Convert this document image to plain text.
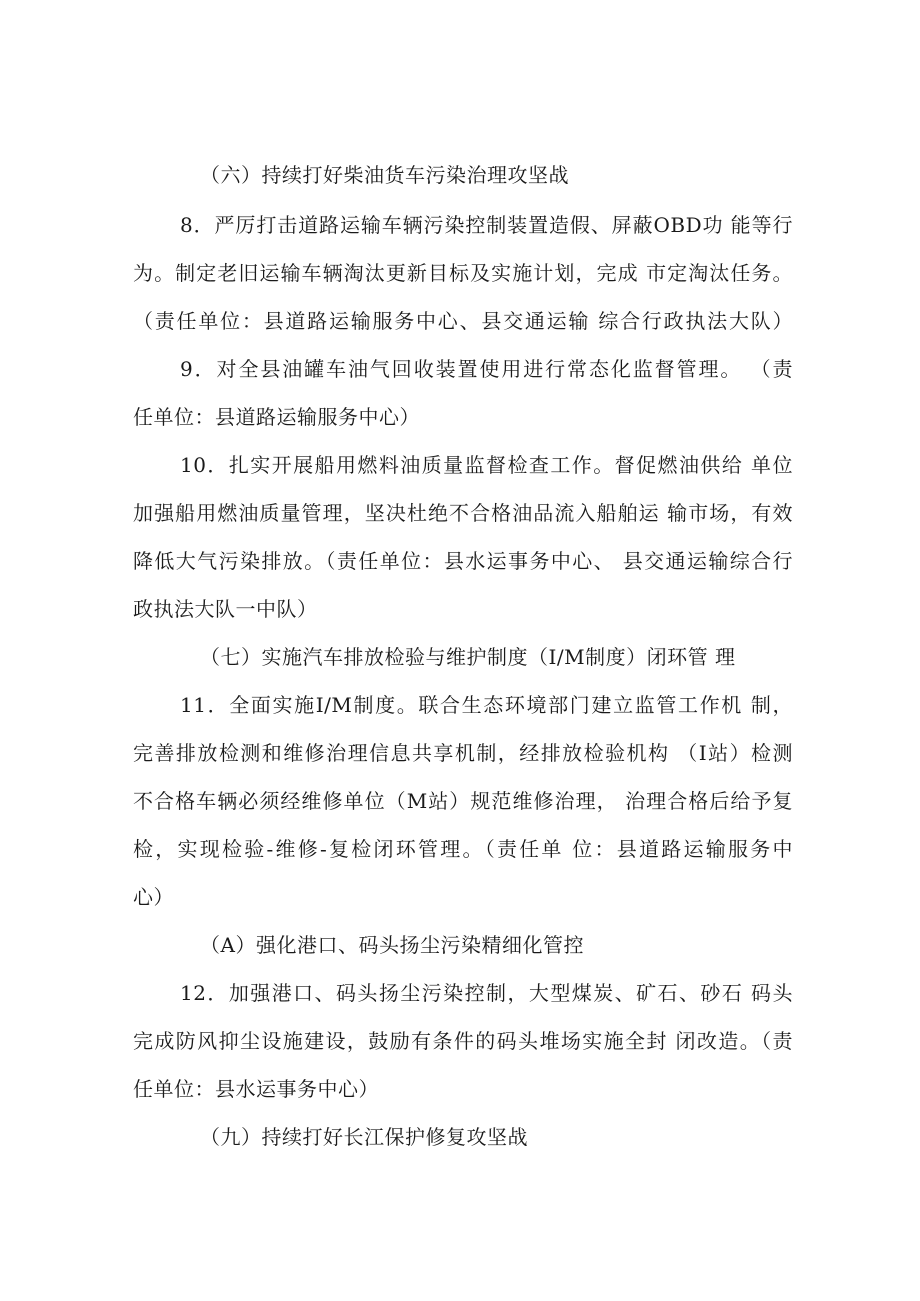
（六）持续打好柴油货车污染治理攻坚战
8．严厉打击道路运输车辆污染控制装置造假、屏蔽OBD功 能等行
为。制定老旧运输车辆淘汰更新目标及实施计划，完成 市定淘汰任务。
（责任单位：县道路运输服务中心、县交通运输 综合行政执法大队）
9．对全县油罐车油气回收装置使用进行常态化监督管理。 （责
任单位：县道路运输服务中心）
10．扎实开展船用燃料油质量监督检查工作。督促燃油供给 单位
加强船用燃油质量管理，坚决杜绝不合格油品流入船舶运 输市场，有效
降低大气污染排放。（责任单位：县水运事务中心、 县交通运输综合行
政执法大队一中队）
（七）实施汽车排放检验与维护制度（I/M制度）闭环管 理
11．全面实施I/M制度。联合生态环境部门建立监管工作机 制，
完善排放检测和维修治理信息共享机制，经排放检验机构 （I站）检测
不合格车辆必须经维修单位（M站）规范维修治理， 治理合格后给予复
检，实现检验-维修-复检闭环管理。（责任单 位：县道路运输服务中
心）
（A）强化港口、码头扬尘污染精细化管控
12．加强港口、码头扬尘污染控制，大型煤炭、矿石、砂石 码头
完成防风抑尘设施建设，鼓励有条件的码头堆场实施全封 闭改造。（责
任单位：县水运事务中心）
（九）持续打好长江保护修复攻坚战
